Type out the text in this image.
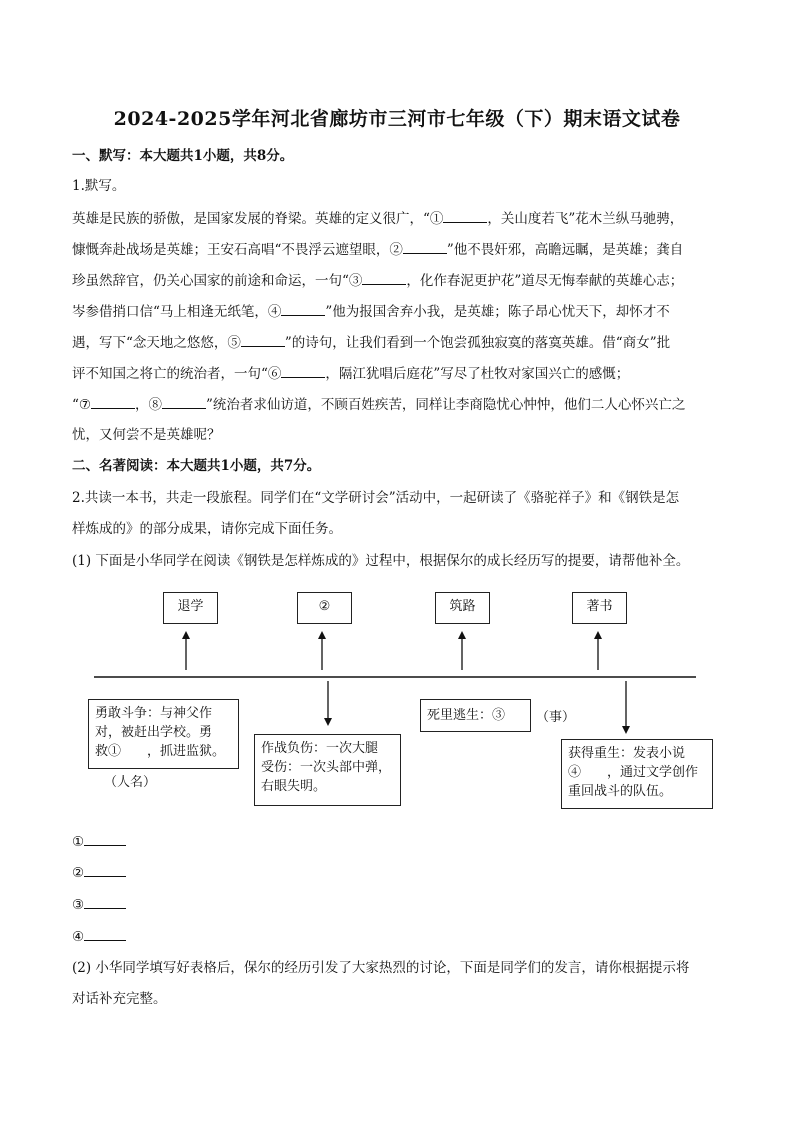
2024-2025学年河北省廊坊市三河市七年级（下）期末语文试卷
一、默写：本大题共1小题，共8分。
1.默写。
英雄是民族的骄傲，是国家发展的脊梁。英雄的定义很广，“①	，关山度若飞”花木兰纵马驰骋，
慷慨奔赴战场是英雄；王安石高唱“不畏浮云遮望眼，②	”他不畏奸邪，高瞻远瞩，是英雄；龚自
珍虽然辞官，仍关心国家的前途和命运，一句“③	，化作春泥更护花”道尽无悔奉献的英雄心志；
岑参借捎口信“马上相逢无纸笔，④	”他为报国舍弃小我，是英雄；陈子昂心忧天下，却怀才不
遇，写下“念天地之悠悠，⑤	”的诗句，让我们看到一个饱尝孤独寂寞的落寞英雄。借“商女”批
评不知国之将亡的统治者，一句“⑥	，隔江犹唱后庭花”写尽了杜牧对家国兴亡的感慨；
“⑦	，⑧	”统治者求仙访道，不顾百姓疾苦，同样让李商隐忧心忡忡，他们二人心怀兴亡之
忧，又何尝不是英雄呢？
二、名著阅读：本大题共1小题，共7分。
2.共读一本书，共走一段旅程。同学们在“文学研讨会”活动中，一起研读了《骆驼祥子》和《钢铁是怎
样炼成的》的部分成果，请你完成下面任务。
(1) 下面是小华同学在阅读《钢铁是怎样炼成的》过程中，根据保尔的成长经历写的提要，请帮他补全。
退学	②	筑路	著书
勇敢斗争：与神父作
对，被赶出学校。勇
救①　　，抓进监狱。
（人名）
作战负伤：一次大腿
受伤：一次头部中弹，
右眼失明。
死里逃生：③	（事）
获得重生：发表小说
④　　，通过文学创作
重回战斗的队伍。
①
②
③
④
(2) 小华同学填写好表格后，保尔的经历引发了大家热烈的讨论，下面是同学们的发言，请你根据提示将
对话补充完整。
